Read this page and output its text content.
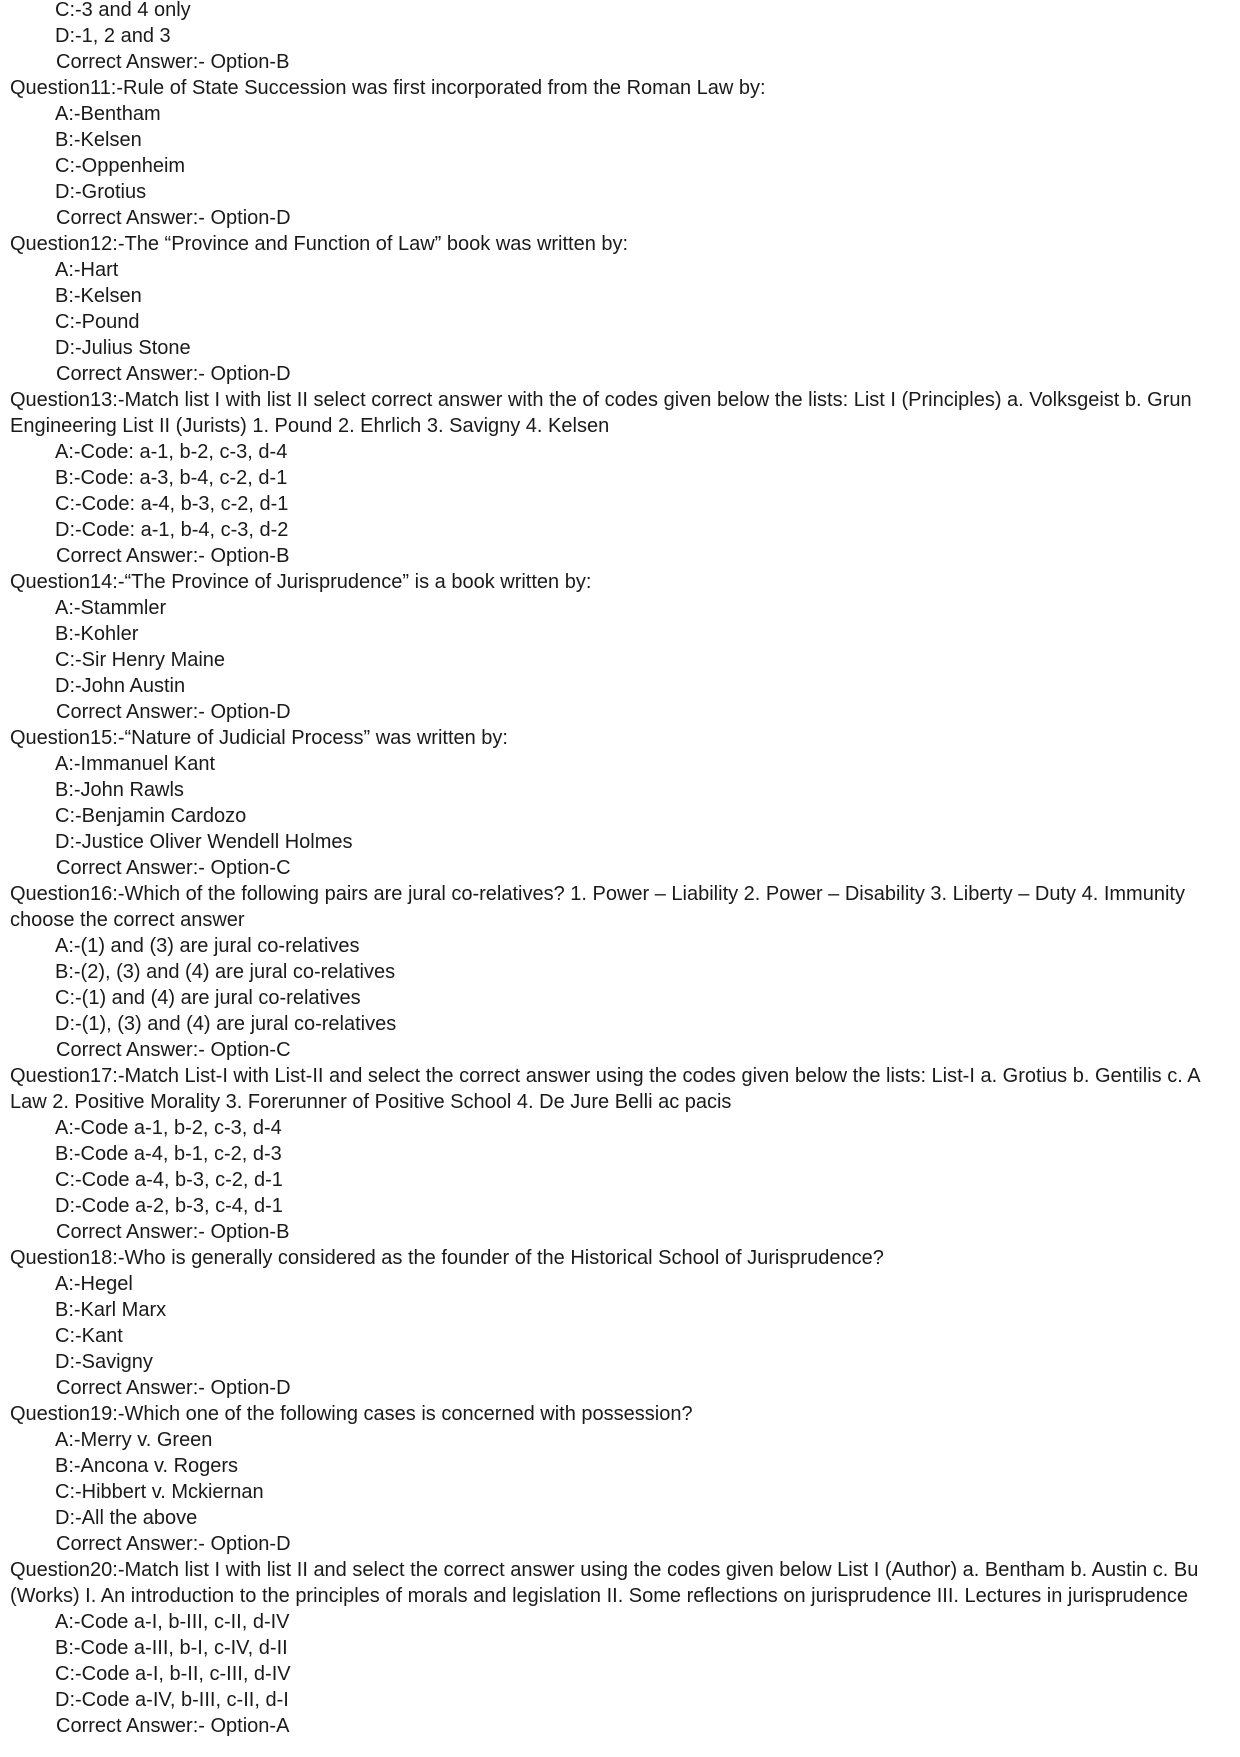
C:-3 and 4 only
D:-1, 2 and 3
Correct Answer:- Option-B
Question11:-Rule of State Succession was first incorporated from the Roman Law by:
A:-Bentham
B:-Kelsen
C:-Oppenheim
D:-Grotius
Correct Answer:- Option-D
Question12:-The “Province and Function of Law” book was written by:
A:-Hart
B:-Kelsen
C:-Pound
D:-Julius Stone
Correct Answer:- Option-D
Question13:-Match list I with list II select correct answer with the of codes given below the lists: List I (Principles) a. Volksgeist b. Grun
Engineering List II (Jurists) 1. Pound 2. Ehrlich 3. Savigny 4. Kelsen
A:-Code: a-1, b-2, c-3, d-4
B:-Code: a-3, b-4, c-2, d-1
C:-Code: a-4, b-3, c-2, d-1
D:-Code: a-1, b-4, c-3, d-2
Correct Answer:- Option-B
Question14:-“The Province of Jurisprudence” is a book written by:
A:-Stammler
B:-Kohler
C:-Sir Henry Maine
D:-John Austin
Correct Answer:- Option-D
Question15:-“Nature of Judicial Process” was written by:
A:-Immanuel Kant
B:-John Rawls
C:-Benjamin Cardozo
D:-Justice Oliver Wendell Holmes
Correct Answer:- Option-C
Question16:-Which of the following pairs are jural co-relatives? 1. Power – Liability 2. Power – Disability 3. Liberty – Duty 4. Immunity
choose the correct answer
A:-(1) and (3) are jural co-relatives
B:-(2), (3) and (4) are jural co-relatives
C:-(1) and (4) are jural co-relatives
D:-(1), (3) and (4) are jural co-relatives
Correct Answer:- Option-C
Question17:-Match List-I with List-II and select the correct answer using the codes given below the lists: List-I a. Grotius b. Gentilis c. A
Law 2. Positive Morality 3. Forerunner of Positive School 4. De Jure Belli ac pacis
A:-Code a-1, b-2, c-3, d-4
B:-Code a-4, b-1, c-2, d-3
C:-Code a-4, b-3, c-2, d-1
D:-Code a-2, b-3, c-4, d-1
Correct Answer:- Option-B
Question18:-Who is generally considered as the founder of the Historical School of Jurisprudence?
A:-Hegel
B:-Karl Marx
C:-Kant
D:-Savigny
Correct Answer:- Option-D
Question19:-Which one of the following cases is concerned with possession?
A:-Merry v. Green
B:-Ancona v. Rogers
C:-Hibbert v. Mckiernan
D:-All the above
Correct Answer:- Option-D
Question20:-Match list I with list II and select the correct answer using the codes given below List I (Author) a. Bentham b. Austin c. Bu
(Works) I. An introduction to the principles of morals and legislation II. Some reflections on jurisprudence III. Lectures in jurisprudence
A:-Code a-I, b-III, c-II, d-IV
B:-Code a-III, b-I, c-IV, d-II
C:-Code a-I, b-II, c-III, d-IV
D:-Code a-IV, b-III, c-II, d-I
Correct Answer:- Option-A
